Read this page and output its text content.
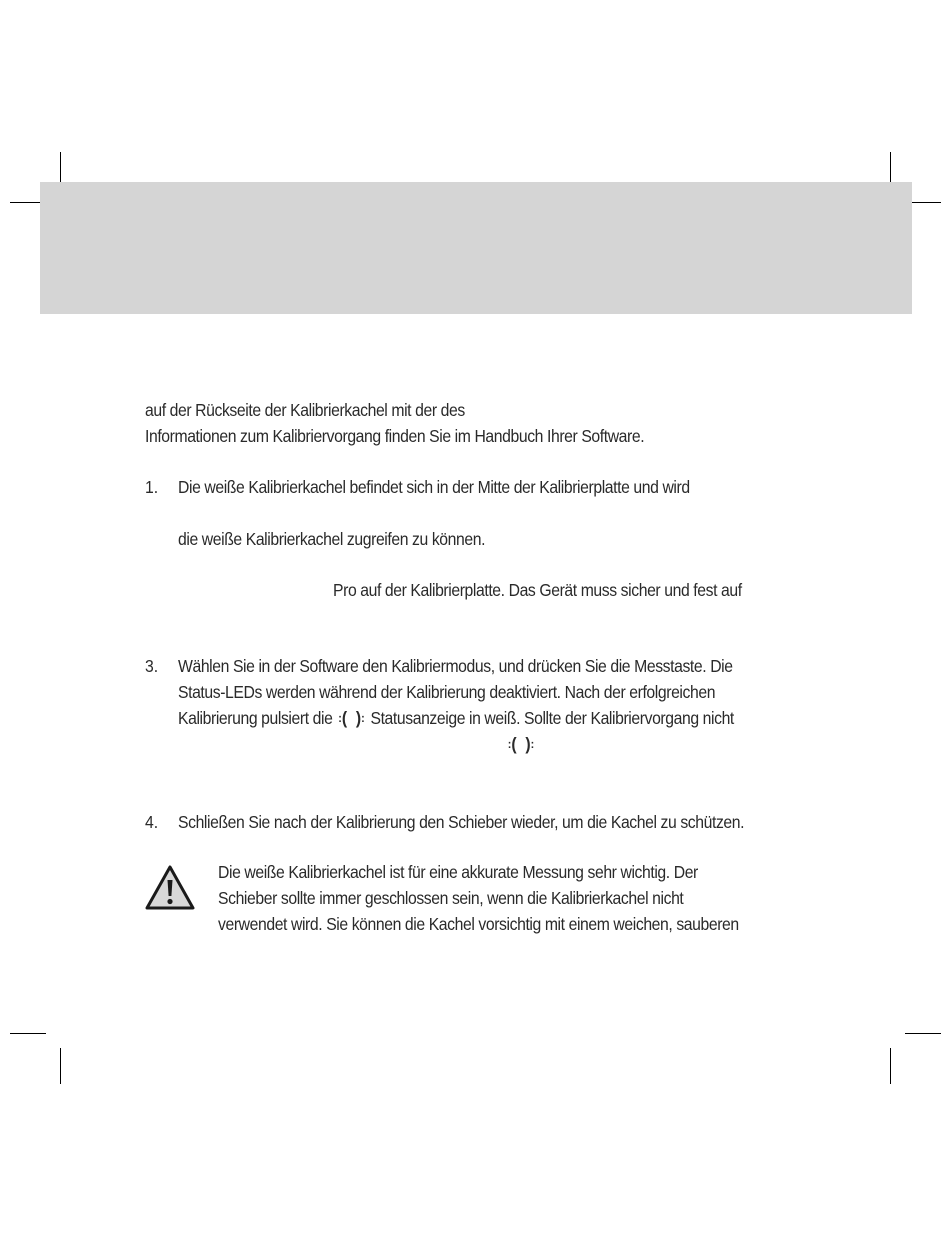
auf der Rückseite der Kalibrierkachel mit der des
Informationen zum Kalibriervorgang finden Sie im Handbuch Ihrer Software.
1. Die weiße Kalibrierkachel befindet sich in der Mitte der Kalibrierplatte und wird
die weiße Kalibrierkachel zugreifen zu können.
Pro auf der Kalibrierplatte. Das Gerät muss sicher und fest auf
3. Wählen Sie in der Software den Kalibriermodus, und drücken Sie die Messtaste. Die
Status-LEDs werden während der Kalibrierung deaktiviert. Nach der erfolgreichen
Kalibrierung pulsiert die :( ): Statusanzeige in weiß. Sollte der Kalibriervorgang nicht
:( ):
4. Schließen Sie nach der Kalibrierung den Schieber wieder, um die Kachel zu schützen.
Die weiße Kalibrierkachel ist für eine akkurate Messung sehr wichtig. Der
Schieber sollte immer geschlossen sein, wenn die Kalibrierkachel nicht
verwendet wird. Sie können die Kachel vorsichtig mit einem weichen, sauberen
